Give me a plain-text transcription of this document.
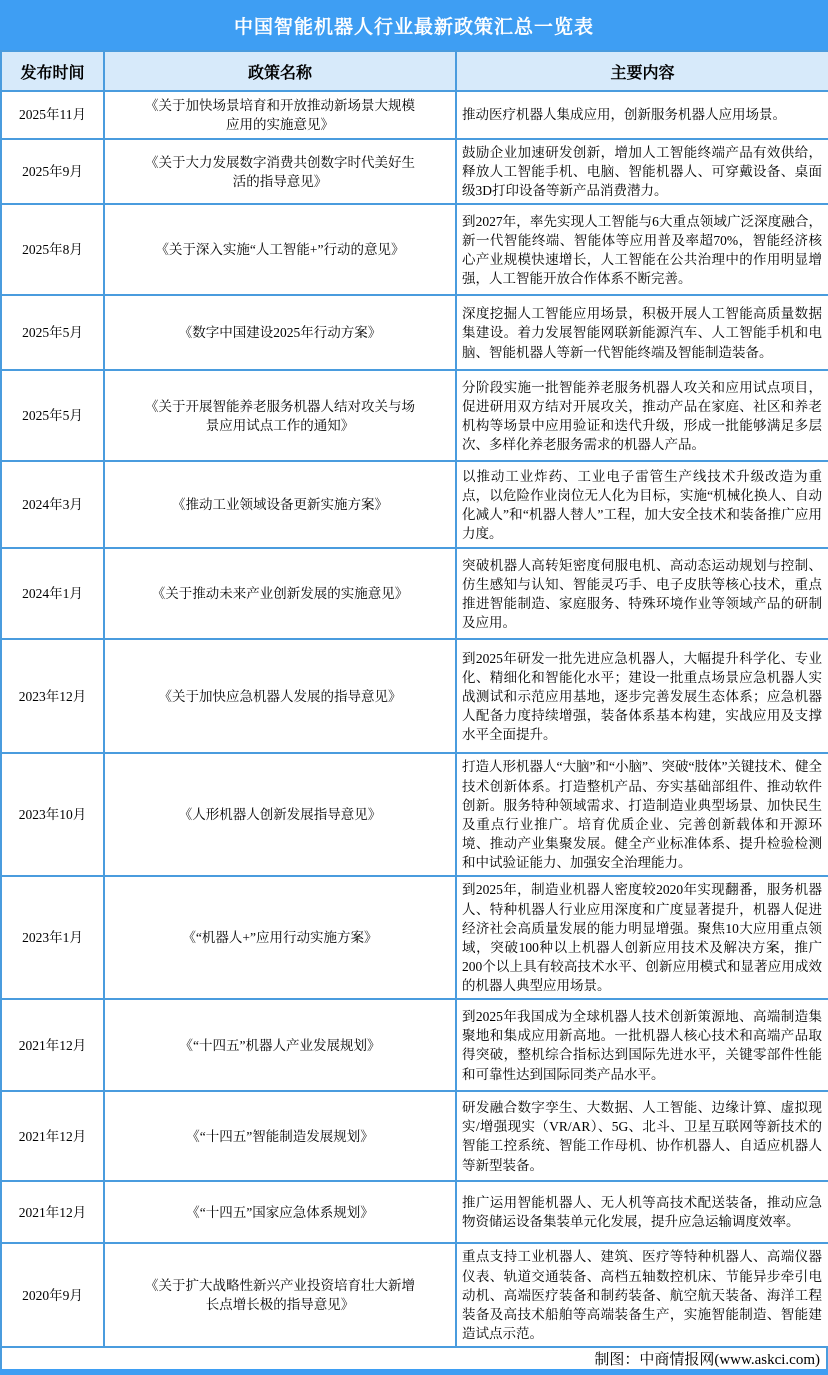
中国智能机器人行业最新政策汇总一览表
发布时间	政策名称	主要内容
2025年11月	《关于加快场景培育和开放推动新场景大规模应用的实施意见》	推动医疗机器人集成应用，创新服务机器人应用场景。
2025年9月	《关于大力发展数字消费共创数字时代美好生活的指导意见》	鼓励企业加速研发创新，增加人工智能终端产品有效供给，释放人工智能手机、电脑、智能机器人、可穿戴设备、桌面级3D打印设备等新产品消费潜力。
2025年8月	《关于深入实施“人工智能+”行动的意见》	到2027年，率先实现人工智能与6大重点领域广泛深度融合，新一代智能终端、智能体等应用普及率超70%，智能经济核心产业规模快速增长，人工智能在公共治理中的作用明显增强，人工智能开放合作体系不断完善。
2025年5月	《数字中国建设2025年行动方案》	深度挖掘人工智能应用场景，积极开展人工智能高质量数据集建设。着力发展智能网联新能源汽车、人工智能手机和电脑、智能机器人等新一代智能终端及智能制造装备。
2025年5月	《关于开展智能养老服务机器人结对攻关与场景应用试点工作的通知》	分阶段实施一批智能养老服务机器人攻关和应用试点项目，促进研用双方结对开展攻关，推动产品在家庭、社区和养老机构等场景中应用验证和迭代升级，形成一批能够满足多层次、多样化养老服务需求的机器人产品。
2024年3月	《推动工业领域设备更新实施方案》	以推动工业炸药、工业电子雷管生产线技术升级改造为重点，以危险作业岗位无人化为目标，实施“机械化换人、自动化减人”和“机器人替人”工程，加大安全技术和装备推广应用力度。
2024年1月	《关于推动未来产业创新发展的实施意见》	突破机器人高转矩密度伺服电机、高动态运动规划与控制、仿生感知与认知、智能灵巧手、电子皮肤等核心技术，重点推进智能制造、家庭服务、特殊环境作业等领域产品的研制及应用。
2023年12月	《关于加快应急机器人发展的指导意见》	到2025年研发一批先进应急机器人，大幅提升科学化、专业化、精细化和智能化水平；建设一批重点场景应急机器人实战测试和示范应用基地，逐步完善发展生态体系；应急机器人配备力度持续增强，装备体系基本构建，实战应用及支撑水平全面提升。
2023年10月	《人形机器人创新发展指导意见》	打造人形机器人“大脑”和“小脑”、突破“肢体”关键技术、健全技术创新体系。打造整机产品、夯实基础部组件、推动软件创新。服务特种领域需求、打造制造业典型场景、加快民生及重点行业推广。培育优质企业、完善创新载体和开源环境、推动产业集聚发展。健全产业标准体系、提升检验检测和中试验证能力、加强安全治理能力。
2023年1月	《“机器人+”应用行动实施方案》	到2025年，制造业机器人密度较2020年实现翻番，服务机器人、特种机器人行业应用深度和广度显著提升，机器人促进经济社会高质量发展的能力明显增强。聚焦10大应用重点领域，突破100种以上机器人创新应用技术及解决方案，推广200个以上具有较高技术水平、创新应用模式和显著应用成效的机器人典型应用场景。
2021年12月	《“十四五”机器人产业发展规划》	到2025年我国成为全球机器人技术创新策源地、高端制造集聚地和集成应用新高地。一批机器人核心技术和高端产品取得突破，整机综合指标达到国际先进水平，关键零部件性能和可靠性达到国际同类产品水平。
2021年12月	《“十四五”智能制造发展规划》	研发融合数字孪生、大数据、人工智能、边缘计算、虚拟现实/增强现实（VR/AR）、5G、北斗、卫星互联网等新技术的智能工控系统、智能工作母机、协作机器人、自适应机器人等新型装备。
2021年12月	《“十四五”国家应急体系规划》	推广运用智能机器人、无人机等高技术配送装备，推动应急物资储运设备集装单元化发展，提升应急运输调度效率。
2020年9月	《关于扩大战略性新兴产业投资培育壮大新增长点增长极的指导意见》	重点支持工业机器人、建筑、医疗等特种机器人、高端仪器仪表、轨道交通装备、高档五轴数控机床、节能异步牵引电动机、高端医疗装备和制药装备、航空航天装备、海洋工程装备及高技术船舶等高端装备生产，实施智能制造、智能建造试点示范。
制图：中商情报网(www.askci.com)
